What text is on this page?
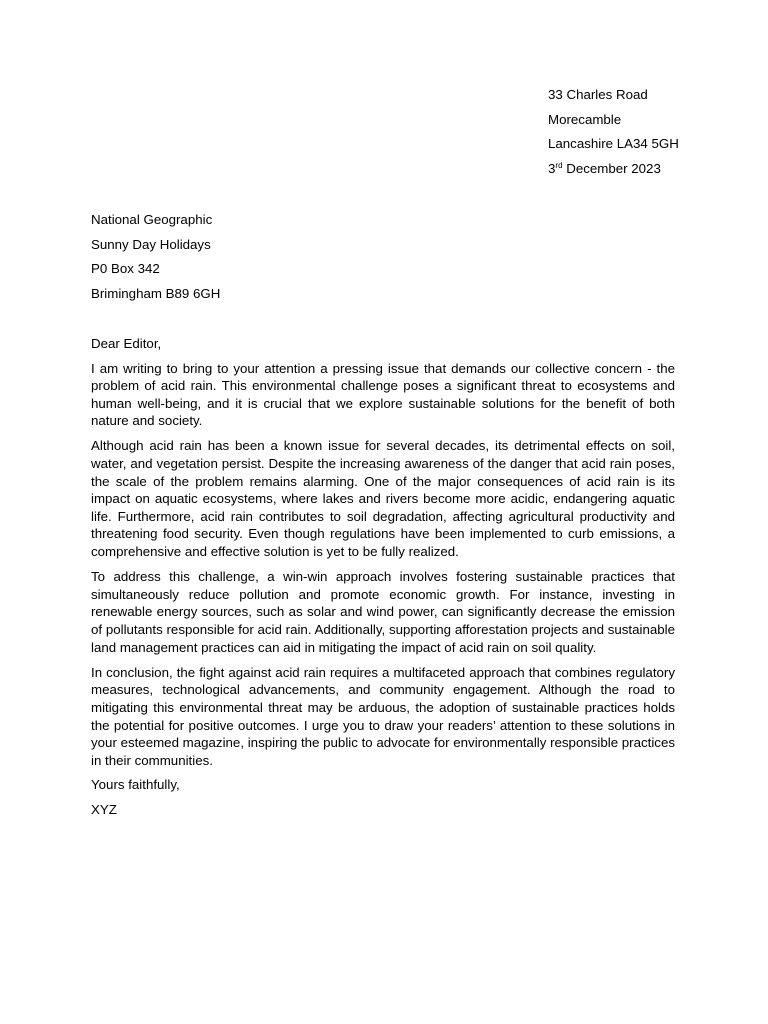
33 Charles Road
Morecamble
Lancashire LA34 5GH
3rd December 2023
National Geographic
Sunny Day Holidays
P0 Box 342
Brimingham B89 6GH
Dear Editor,

I am writing to bring to your attention a pressing issue that demands our collective concern - the problem of acid rain. This environmental challenge poses a significant threat to ecosystems and human well-being, and it is crucial that we explore sustainable solutions for the benefit of both nature and society.

Although acid rain has been a known issue for several decades, its detrimental effects on soil, water, and vegetation persist. Despite the increasing awareness of the danger that acid rain poses, the scale of the problem remains alarming. One of the major consequences of acid rain is its impact on aquatic ecosystems, where lakes and rivers become more acidic, endangering aquatic life. Furthermore, acid rain contributes to soil degradation, affecting agricultural productivity and threatening food security. Even though regulations have been implemented to curb emissions, a comprehensive and effective solution is yet to be fully realized.

To address this challenge, a win-win approach involves fostering sustainable practices that simultaneously reduce pollution and promote economic growth. For instance, investing in renewable energy sources, such as solar and wind power, can significantly decrease the emission of pollutants responsible for acid rain. Additionally, supporting afforestation projects and sustainable land management practices can aid in mitigating the impact of acid rain on soil quality.

In conclusion, the fight against acid rain requires a multifaceted approach that combines regulatory measures, technological advancements, and community engagement. Although the road to mitigating this environmental threat may be arduous, the adoption of sustainable practices holds the potential for positive outcomes. I urge you to draw your readers’ attention to these solutions in your esteemed magazine, inspiring the public to advocate for environmentally responsible practices in their communities.

Yours faithfully,
XYZ
